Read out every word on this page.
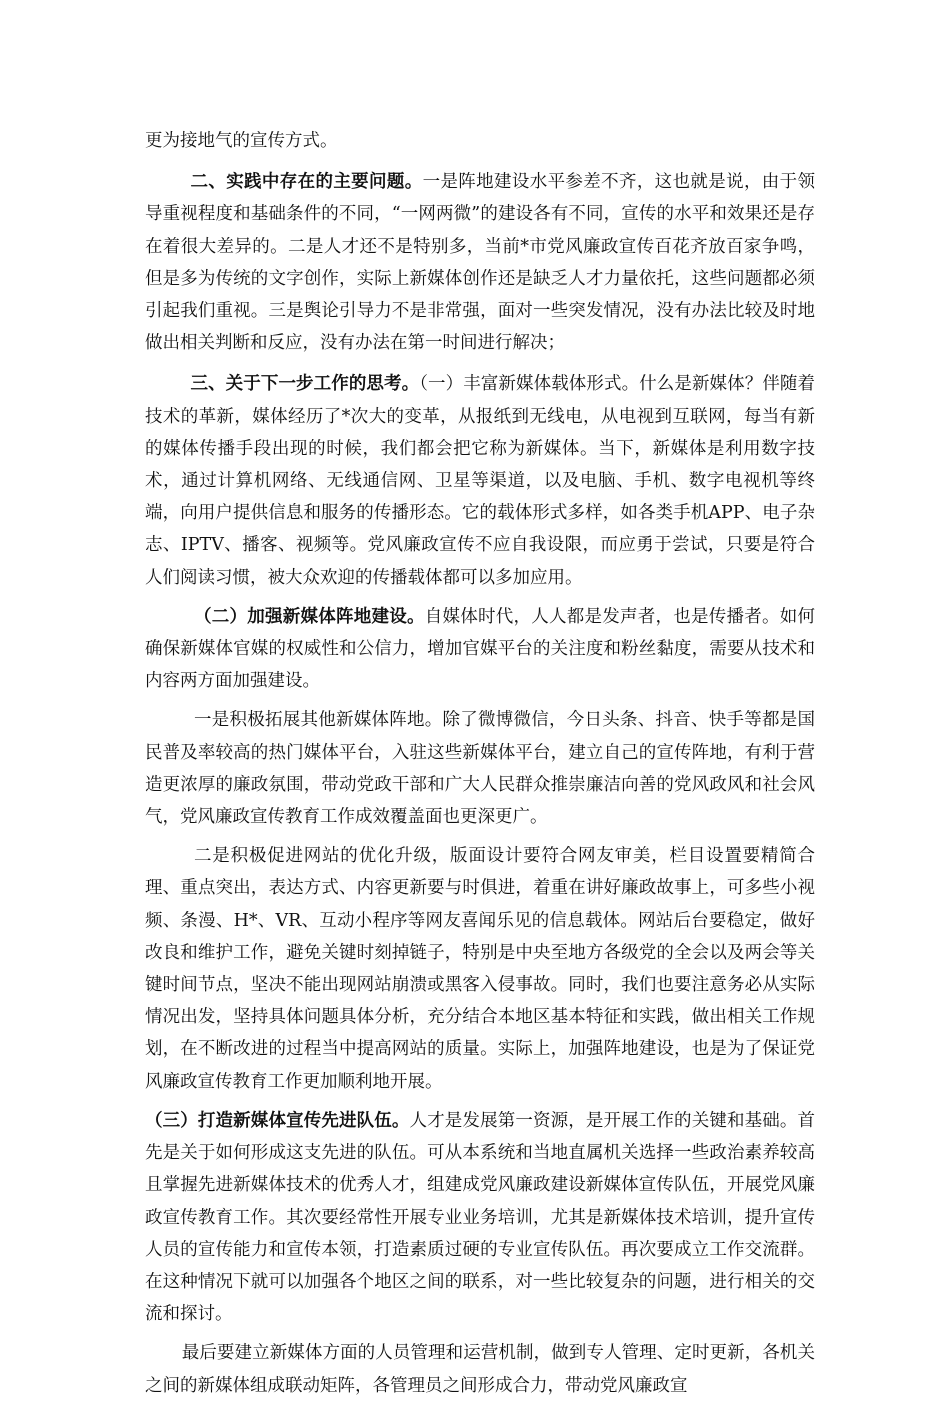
更为接地气的宣传方式。

二、实践中存在的主要问题。一是阵地建设水平参差不齐，这也就是说，由于领导重视程度和基础条件的不同，“一网两微”的建设各有不同，宣传的水平和效果还是存在着很大差异的。二是人才还不是特别多，当前*市党风廉政宣传百花齐放百家争鸣，但是多为传统的文字创作，实际上新媒体创作还是缺乏人才力量依托，这些问题都必须引起我们重视。三是舆论引导力不是非常强，面对一些突发情况，没有办法比较及时地做出相关判断和反应，没有办法在第一时间进行解决；

三、关于下一步工作的思考。（一）丰富新媒体载体形式。什么是新媒体？伴随着技术的革新，媒体经历了*次大的变革，从报纸到无线电，从电视到互联网，每当有新的媒体传播手段出现的时候，我们都会把它称为新媒体。当下，新媒体是利用数字技术，通过计算机网络、无线通信网、卫星等渠道，以及电脑、手机、数字电视机等终端，向用户提供信息和服务的传播形态。它的载体形式多样，如各类手机APP、电子杂志、IPTV、播客、视频等。党风廉政宣传不应自我设限，而应勇于尝试，只要是符合人们阅读习惯，被大众欢迎的传播载体都可以多加应用。

（二）加强新媒体阵地建设。自媒体时代，人人都是发声者，也是传播者。如何确保新媒体官媒的权威性和公信力，增加官媒平台的关注度和粉丝黏度，需要从技术和内容两方面加强建设。

一是积极拓展其他新媒体阵地。除了微博微信，今日头条、抖音、快手等都是国民普及率较高的热门媒体平台，入驻这些新媒体平台，建立自己的宣传阵地，有利于营造更浓厚的廉政氛围，带动党政干部和广大人民群众推崇廉洁向善的党风政风和社会风气，党风廉政宣传教育工作成效覆盖面也更深更广。

二是积极促进网站的优化升级，版面设计要符合网友审美，栏目设置要精简合理、重点突出，表达方式、内容更新要与时俱进，着重在讲好廉政故事上，可多些小视频、条漫、H*、VR、互动小程序等网友喜闻乐见的信息载体。网站后台要稳定，做好改良和维护工作，避免关键时刻掉链子，特别是中央至地方各级党的全会以及两会等关键时间节点，坚决不能出现网站崩溃或黑客入侵事故。同时，我们也要注意务必从实际情况出发，坚持具体问题具体分析，充分结合本地区基本特征和实践，做出相关工作规划，在不断改进的过程当中提高网站的质量。实际上，加强阵地建设，也是为了保证党风廉政宣传教育工作更加顺利地开展。

（三）打造新媒体宣传先进队伍。人才是发展第一资源，是开展工作的关键和基础。首先是关于如何形成这支先进的队伍。可从本系统和当地直属机关选择一些政治素养较高且掌握先进新媒体技术的优秀人才，组建成党风廉政建设新媒体宣传队伍，开展党风廉政宣传教育工作。其次要经常性开展专业业务培训，尤其是新媒体技术培训，提升宣传人员的宣传能力和宣传本领，打造素质过硬的专业宣传队伍。再次要成立工作交流群。在这种情况下就可以加强各个地区之间的联系，对一些比较复杂的问题，进行相关的交流和探讨。

最后要建立新媒体方面的人员管理和运营机制，做到专人管理、定时更新，各机关之间的新媒体组成联动矩阵，各管理员之间形成合力，带动党风廉政宣
